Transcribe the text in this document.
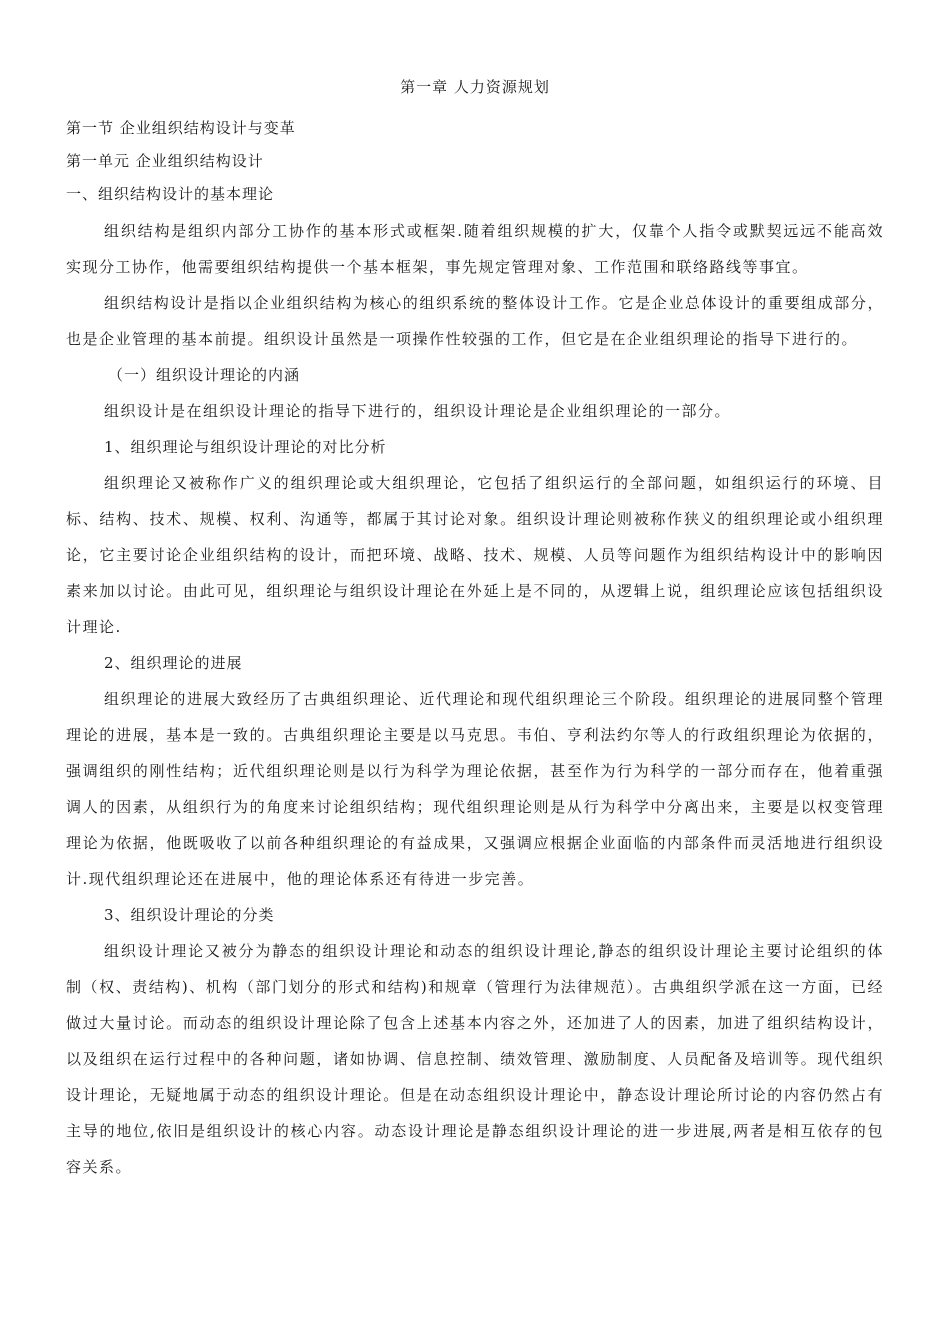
第一章 人力资源规划
第一节 企业组织结构设计与变革
第一单元 企业组织结构设计
一、组织结构设计的基本理论

组织结构是组织内部分工协作的基本形式或框架.随着组织规模的扩大，仅靠个人指令或默契远远不能高效实现分工协作，他需要组织结构提供一个基本框架，事先规定管理对象、工作范围和联络路线等事宜。

组织结构设计是指以企业组织结构为核心的组织系统的整体设计工作。它是企业总体设计的重要组成部分，也是企业管理的基本前提。组织设计虽然是一项操作性较强的工作，但它是在企业组织理论的指导下进行的。

（一）组织设计理论的内涵

组织设计是在组织设计理论的指导下进行的，组织设计理论是企业组织理论的一部分。

1、组织理论与组织设计理论的对比分析

组织理论又被称作广义的组织理论或大组织理论，它包括了组织运行的全部问题，如组织运行的环境、目标、结构、技术、规模、权利、沟通等，都属于其讨论对象。组织设计理论则被称作狭义的组织理论或小组织理论，它主要讨论企业组织结构的设计，而把环境、战略、技术、规模、人员等问题作为组织结构设计中的影响因素来加以讨论。由此可见，组织理论与组织设计理论在外延上是不同的，从逻辑上说，组织理论应该包括组织设计理论.

2、组织理论的进展

组织理论的进展大致经历了古典组织理论、近代理论和现代组织理论三个阶段。组织理论的进展同整个管理理论的进展，基本是一致的。古典组织理论主要是以马克思。韦伯、亨利法约尔等人的行政组织理论为依据的，强调组织的刚性结构；近代组织理论则是以行为科学为理论依据，甚至作为行为科学的一部分而存在，他着重强调人的因素，从组织行为的角度来讨论组织结构；现代组织理论则是从行为科学中分离出来，主要是以权变管理理论为依据，他既吸收了以前各种组织理论的有益成果，又强调应根据企业面临的内部条件而灵活地进行组织设计.现代组织理论还在进展中，他的理论体系还有待进一步完善。

3、组织设计理论的分类

组织设计理论又被分为静态的组织设计理论和动态的组织设计理论,静态的组织设计理论主要讨论组织的体制（权、责结构)、机构（部门划分的形式和结构)和规章（管理行为法律规范）。古典组织学派在这一方面，已经做过大量讨论。而动态的组织设计理论除了包含上述基本内容之外，还加进了人的因素，加进了组织结构设计，以及组织在运行过程中的各种问题，诸如协调、信息控制、绩效管理、激励制度、人员配备及培训等。现代组织设计理论，无疑地属于动态的组织设计理论。但是在动态组织设计理论中，静态设计理论所讨论的内容仍然占有主导的地位,依旧是组织设计的核心内容。动态设计理论是静态组织设计理论的进一步进展,两者是相互依存的包容关系。
